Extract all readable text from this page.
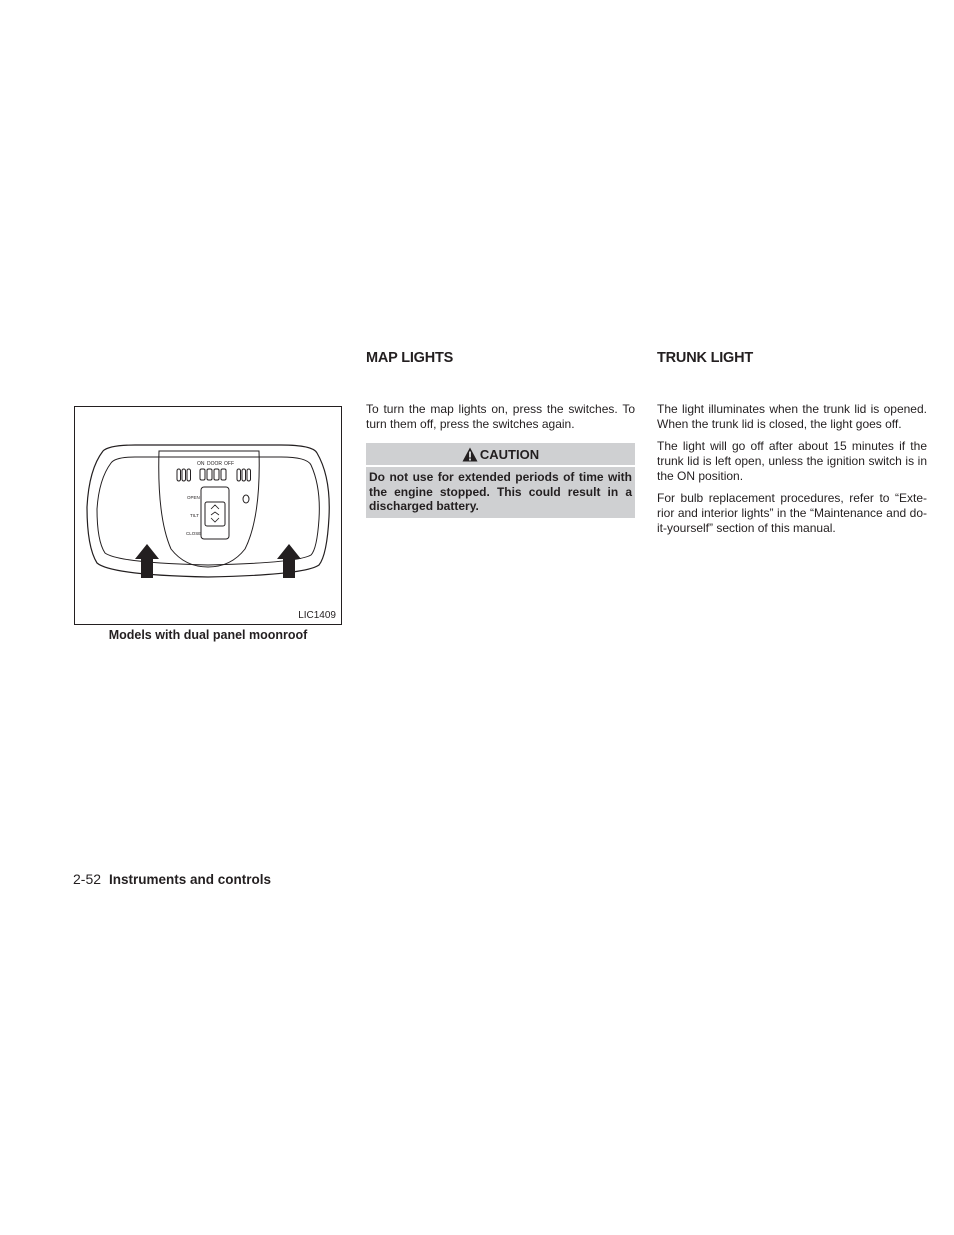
ON DOOR OFF
OPEN
TILT
CLOSE
LIC1409
Models with dual panel moonroof
MAP LIGHTS

To turn the map lights on, press the switches. To turn them off, press the switches again.

CAUTION
Do not use for extended periods of time with the engine stopped. This could result in a discharged battery.
TRUNK LIGHT

The light illuminates when the trunk lid is opened. When the trunk lid is closed, the light goes off.

The light will go off after about 15 minutes if the trunk lid is left open, unless the ignition switch is in the ON position.

For bulb replacement procedures, refer to “Exte-rior and interior lights” in the “Maintenance and do-it-yourself” section of this manual.

2-52 Instruments and controls
